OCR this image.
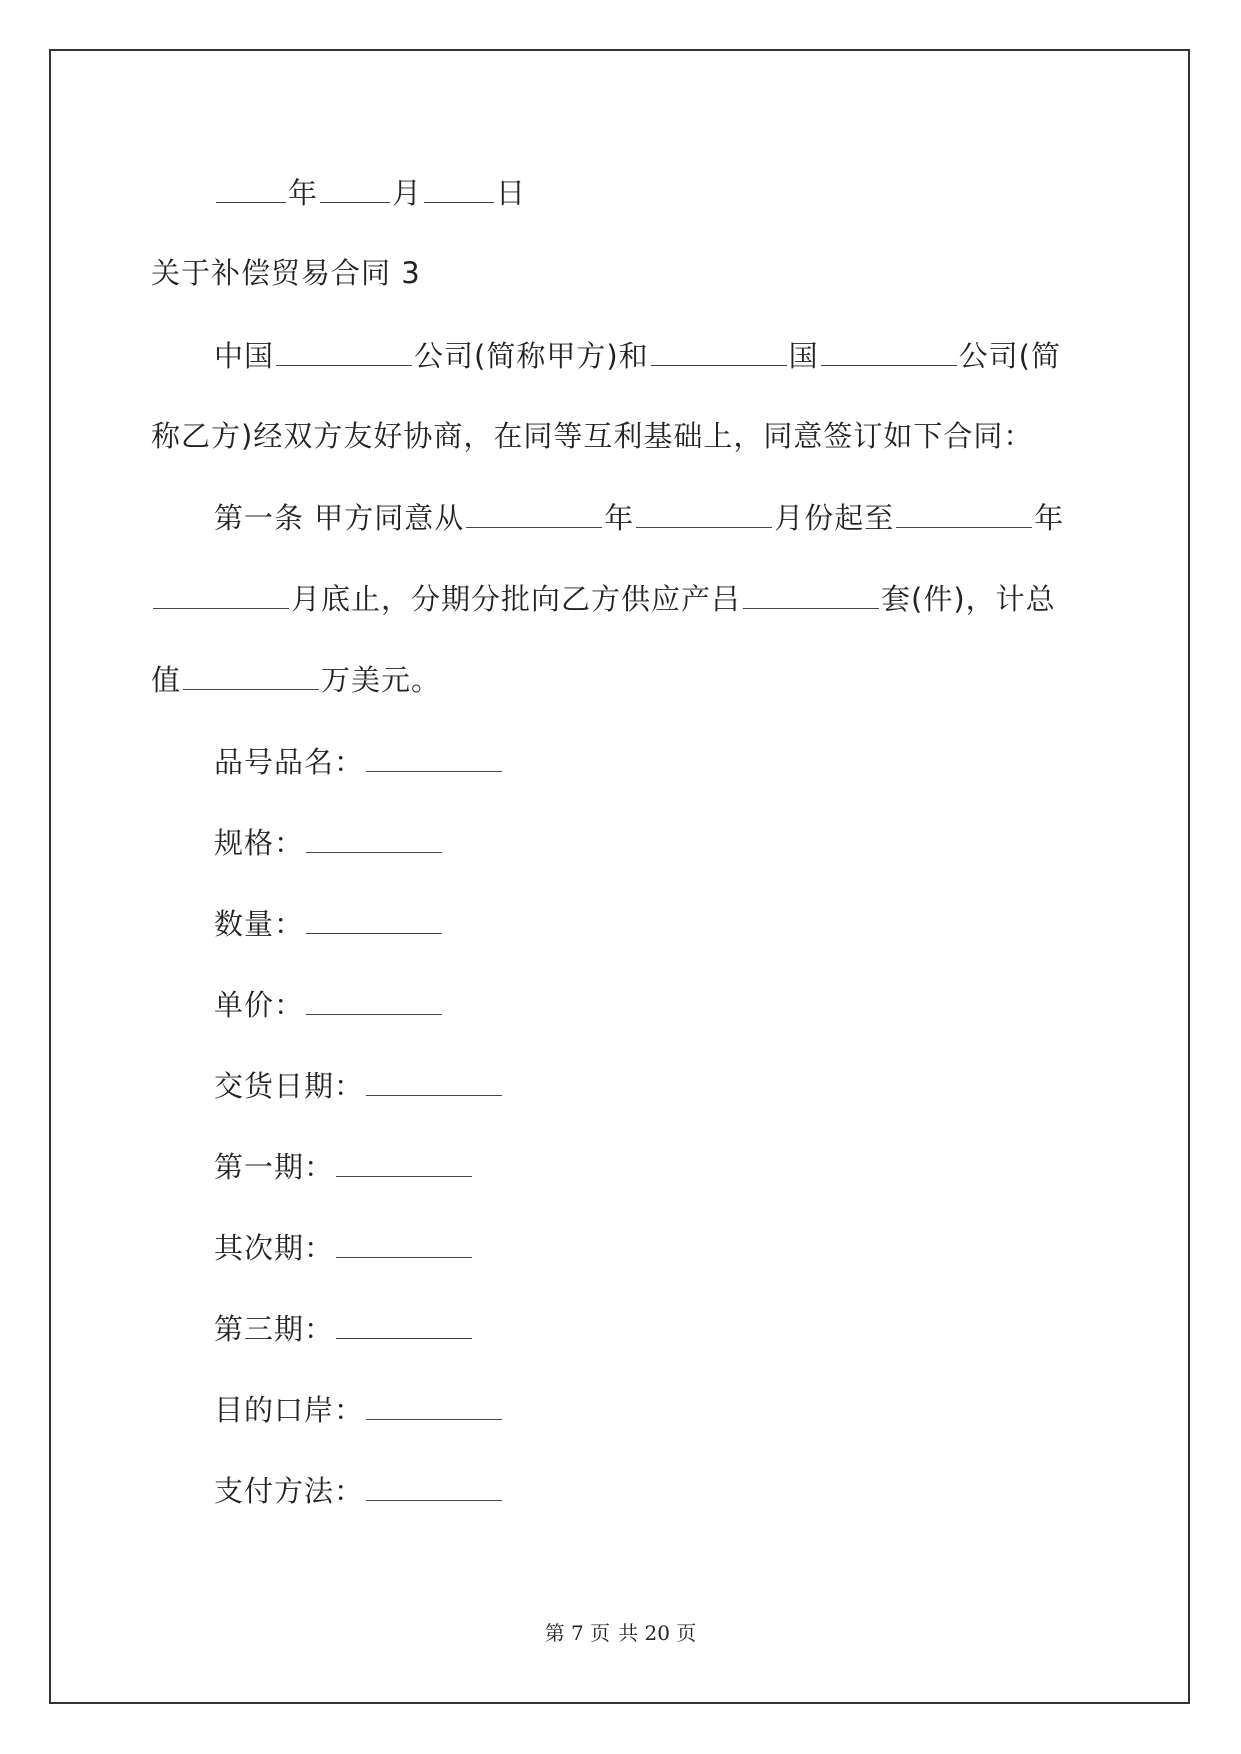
年	月	日
关于补偿贸易合同 3
中国	公司(简称甲方)和	国	公司(简
称乙方)经双方友好协商，在同等互利基础上，同意签订如下合同：
第一条 甲方同意从	年	月份起至	年
月底止，分期分批向乙方供应产吕	套(件)，计总
值	万美元。
品号品名：
规格：
数量：
单价：
交货日期：
第一期：
其次期：
第三期：
目的口岸：
支付方法：
第 7 页 共 20 页
